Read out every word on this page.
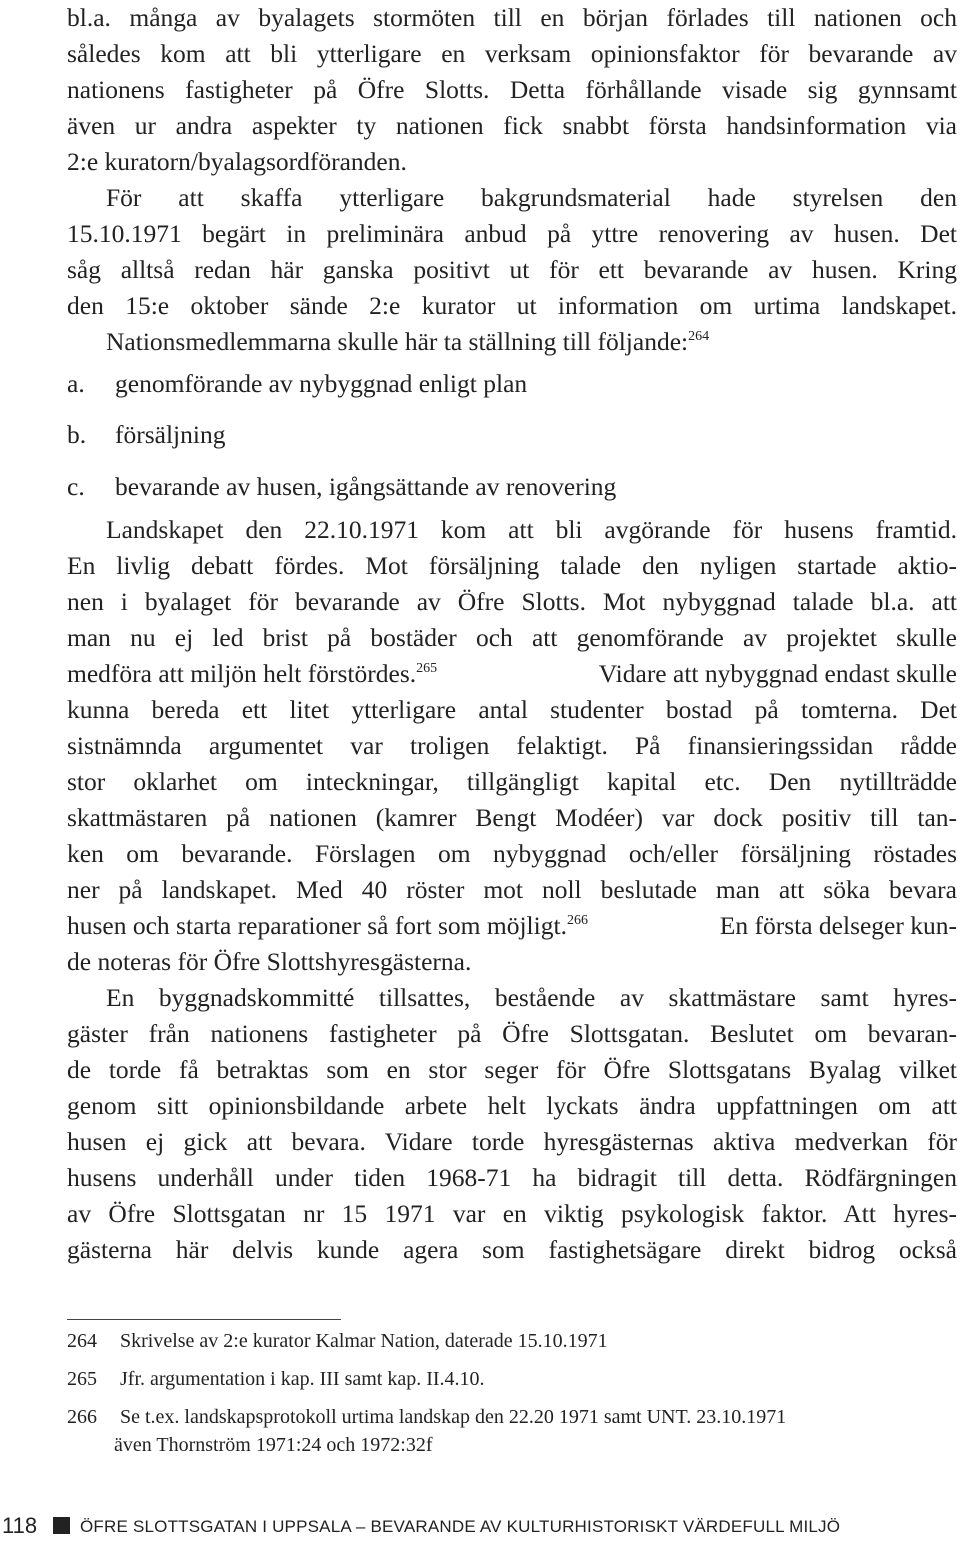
bl.a. många av byalagets stormöten till en början förlades till nationen och
således kom att bli ytterligare en verksam opinionsfaktor för bevarande av
nationens fastigheter på Öfre Slotts. Detta förhållande visade sig gynnsamt
även ur andra aspekter ty nationen fick snabbt första handsinformation via
2:e kuratorn/byalagsordföranden.
För att skaffa ytterligare bakgrundsmaterial hade styrelsen den
15.10.1971 begärt in preliminära anbud på yttre renovering av husen. Det
såg alltså redan här ganska positivt ut för ett bevarande av husen. Kring
den 15:e oktober sände 2:e kurator ut information om urtima landskapet.
Nationsmedlemmarna skulle här ta ställning till följande:$^{264}$
a. genomförande av nybyggnad enligt plan
b. försäljning
c. bevarande av husen, igångsättande av renovering
Landskapet den 22.10.1971 kom att bli avgörande för husens framtid.
En livlig debatt fördes. Mot försäljning talade den nyligen startade aktio-
nen i byalaget för bevarande av Öfre Slotts. Mot nybyggnad talade bl.a. att
man nu ej led brist på bostäder och att genomförande av projektet skulle
medföra att miljön helt förstördes.$^{265}$	Vidare att nybyggnad endast skulle
kunna bereda ett litet ytterligare antal studenter bostad på tomterna. Det
sistnämnda argumentet var troligen felaktigt. På finansieringssidan rådde
stor oklarhet om inteckningar, tillgängligt kapital etc. Den nytillträdde
skattmästaren på nationen (kamrer Bengt Modéer) var dock positiv till tan-
ken om bevarande. Förslagen om nybyggnad och/eller försäljning röstades
ner på landskapet. Med 40 röster mot noll beslutade man att söka bevara
husen och starta reparationer så fort som möjligt.$^{266}$	En första delseger kun-
de noteras för Öfre Slottshyresgästerna.
En byggnadskommitté tillsattes, bestående av skattmästare samt hyres-
gäster från nationens fastigheter på Öfre Slottsgatan. Beslutet om bevaran-
de torde få betraktas som en stor seger för Öfre Slottsgatans Byalag vilket
genom sitt opinionsbildande arbete helt lyckats ändra uppfattningen om att
husen ej gick att bevara. Vidare torde hyresgästernas aktiva medverkan för
husens underhåll under tiden 1968-71 ha bidragit till detta. Rödfärgningen
av Öfre Slottsgatan nr 15 1971 var en viktig psykologisk faktor. Att hyres-
gästerna här delvis kunde agera som fastighetsägare direkt bidrog också
264 Skrivelse av 2:e kurator Kalmar Nation, daterade 15.10.1971
265 Jfr. argumentation i kap. III samt kap. II.4.10.
266 Se t.ex. landskapsprotokoll urtima landskap den 22.20 1971 samt UNT. 23.10.1971
även Thornström 1971:24 och 1972:32f
118	ÖFRE SLOTTSGATAN I UPPSALA – BEVARANDE AV KULTURHISTORISKT VÄRDEFULL MILJÖ
